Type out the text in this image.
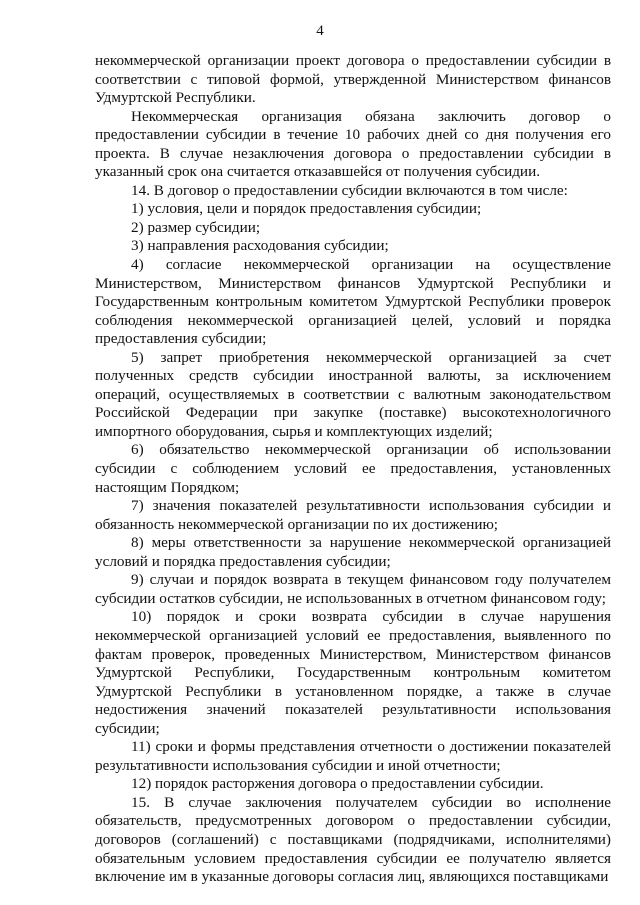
4

некоммерческой организации проект договора о предоставлении субсидии в соответствии с типовой формой, утвержденной Министерством финансов Удмуртской Республики.

Некоммерческая организация обязана заключить договор о предоставлении субсидии в течение 10 рабочих дней со дня получения его проекта. В случае незаключения договора о предоставлении субсидии в указанный срок она считается отказавшейся от получения субсидии.

14. В договор о предоставлении субсидии включаются в том числе:

1) условия, цели и порядок предоставления субсидии;

2) размер субсидии;

3) направления расходования субсидии;

4) согласие некоммерческой организации на осуществление Министерством, Министерством финансов Удмуртской Республики и Государственным контрольным комитетом Удмуртской Республики проверок соблюдения некоммерческой организацией целей, условий и порядка предоставления субсидии;

5) запрет приобретения некоммерческой организацией за счет полученных средств субсидии иностранной валюты, за исключением операций, осуществляемых в соответствии с валютным законодательством Российской Федерации при закупке (поставке) высокотехнологичного импортного оборудования, сырья и комплектующих изделий;

6) обязательство некоммерческой организации об использовании субсидии с соблюдением условий ее предоставления, установленных настоящим Порядком;

7) значения показателей результативности использования субсидии и обязанность некоммерческой организации по их достижению;

8) меры ответственности за нарушение некоммерческой организацией условий и порядка предоставления субсидии;

9) случаи и порядок возврата в текущем финансовом году получателем субсидии остатков субсидии, не использованных в отчетном финансовом году;

10) порядок и сроки возврата субсидии в случае нарушения некоммерческой организацией условий ее предоставления, выявленного по фактам проверок, проведенных Министерством, Министерством финансов Удмуртской Республики, Государственным контрольным комитетом Удмуртской Республики в установленном порядке, а также в случае недостижения значений показателей результативности использования субсидии;

11) сроки и формы представления отчетности о достижении показателей результативности использования субсидии и иной отчетности;

12) порядок расторжения договора о предоставлении субсидии.

15. В случае заключения получателем субсидии во исполнение обязательств, предусмотренных договором о предоставлении субсидии, договоров (соглашений) с поставщиками (подрядчиками, исполнителями) обязательным условием предоставления субсидии ее получателю является включение им в указанные договоры согласия лиц, являющихся поставщиками
